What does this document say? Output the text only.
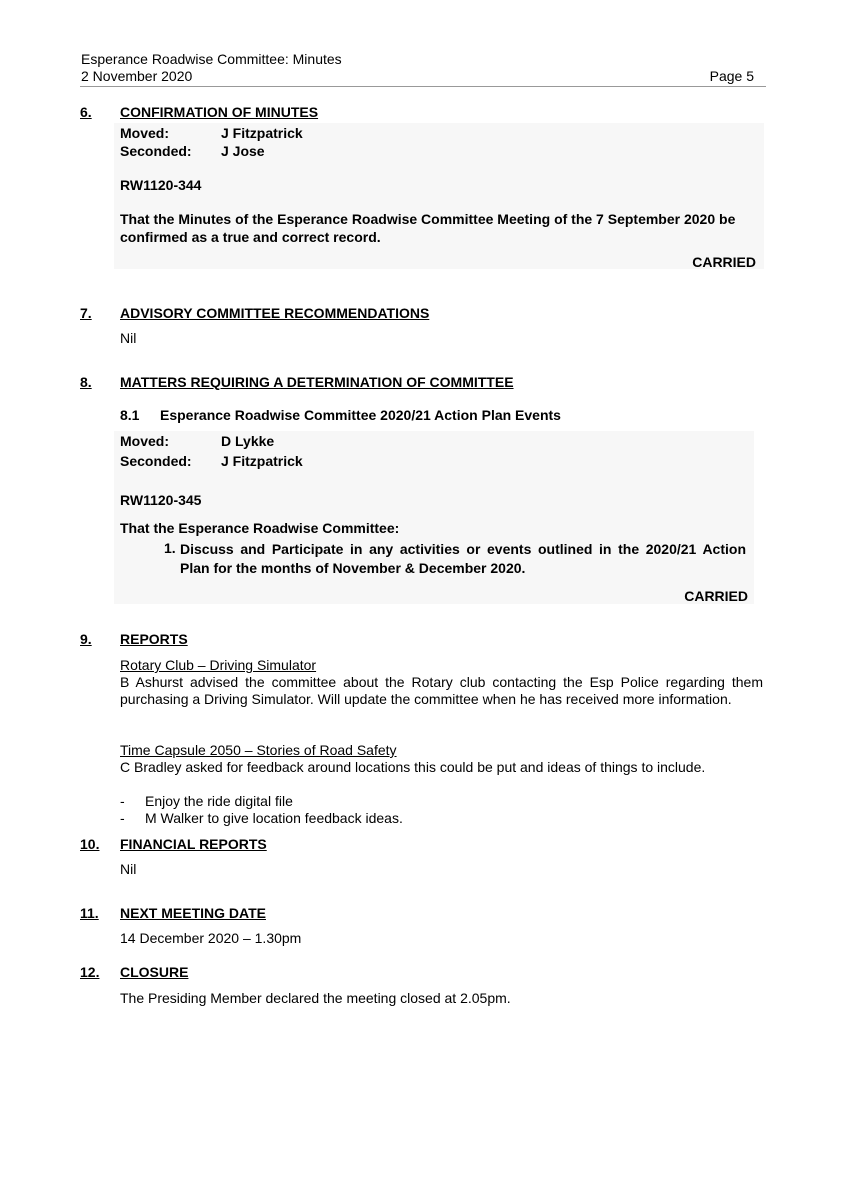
Esperance Roadwise Committee: Minutes
2 November 2020	Page 5
6. CONFIRMATION OF MINUTES
Moved:	J Fitzpatrick
Seconded: J Jose
RW1120-344
That the Minutes of the Esperance Roadwise Committee Meeting of the 7 September 2020 be confirmed as a true and correct record.
CARRIED
7. ADVISORY COMMITTEE RECOMMENDATIONS
Nil
8. MATTERS REQUIRING A DETERMINATION OF COMMITTEE
8.1 Esperance Roadwise Committee 2020/21 Action Plan Events
Moved:	D Lykke
Seconded: J Fitzpatrick
RW1120-345
That the Esperance Roadwise Committee:
1. Discuss and Participate in any activities or events outlined in the 2020/21 Action Plan for the months of November & December 2020.
CARRIED
9. REPORTS
Rotary Club – Driving Simulator
B Ashurst advised the committee about the Rotary club contacting the Esp Police regarding them purchasing a Driving Simulator. Will update the committee when he has received more information.
Time Capsule 2050 – Stories of Road Safety
C Bradley asked for feedback around locations this could be put and ideas of things to include.
- Enjoy the ride digital file
- M Walker to give location feedback ideas.
10. FINANCIAL REPORTS
Nil
11. NEXT MEETING DATE
14 December 2020 – 1.30pm
12. CLOSURE
The Presiding Member declared the meeting closed at 2.05pm.
